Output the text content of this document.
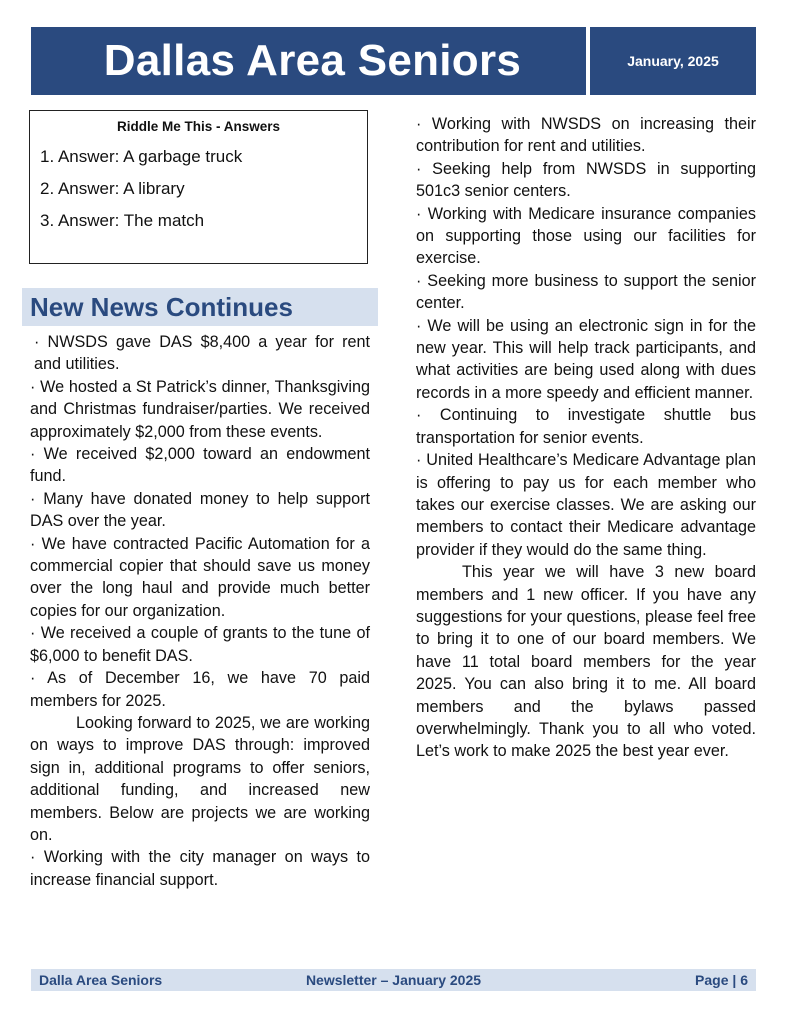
Dallas Area Seniors	January, 2025
Riddle Me This - Answers
1. Answer: A garbage truck
2. Answer: A library
3. Answer: The match
New News Continues

· NWSDS gave DAS $8,400 a year for rent and utilities.

· We hosted a St Patrick’s dinner, Thanksgiving and Christmas fundraiser/parties. We received approximately $2,000 from these events.

· We received $2,000 toward an endowment fund.

· Many have donated money to help support DAS over the year.

· We have contracted Pacific Automation for a commercial copier that should save us money over the long haul and provide much better copies for our organization.

· We received a couple of grants to the tune of $6,000 to benefit DAS.

· As of December 16, we have 70 paid members for 2025.

Looking forward to 2025, we are working on ways to improve DAS through: improved sign in, additional programs to offer seniors, additional funding, and increased new members. Below are projects we are working on.

· Working with the city manager on ways to increase financial support.

· Working with NWSDS on increasing their contribution for rent and utilities.

· Seeking help from NWSDS in supporting 501c3 senior centers.

· Working with Medicare insurance companies on supporting those using our facilities for exercise.

· Seeking more business to support the senior center.

· We will be using an electronic sign in for the new year. This will help track participants, and what activities are being used along with dues records in a more speedy and efficient manner.

· Continuing to investigate shuttle bus transportation for senior events.

· United Healthcare’s Medicare Advantage plan is offering to pay us for each member who takes our exercise classes. We are asking our members to contact their Medicare advantage provider if they would do the same thing.

This year we will have 3 new board members and 1 new officer. If you have any suggestions for your questions, please feel free to bring it to one of our board members. We have 11 total board members for the year 2025. You can also bring it to me. All board members and the bylaws passed overwhelmingly. Thank you to all who voted. Let’s work to make 2025 the best year ever.

Dalla Area Seniors	Newsletter – January 2025	Page | 6
